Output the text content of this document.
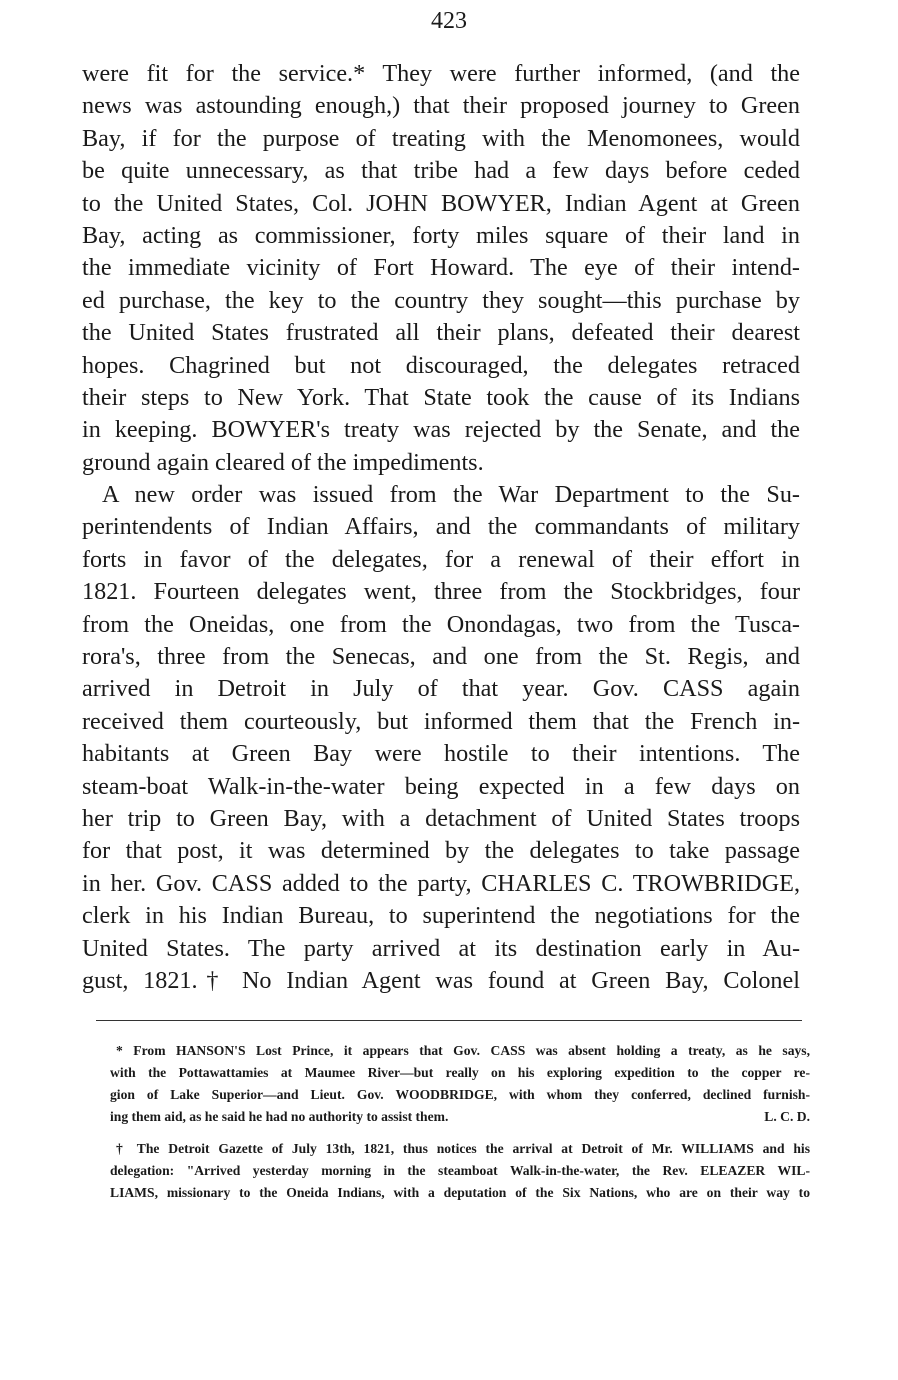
423
were fit for the service.* They were further informed, (and the
news was astounding enough,) that their proposed journey to Green
Bay, if for the purpose of treating with the Menomonees, would
be quite unnecessary, as that tribe had a few days before ceded
to the United States, Col. JOHN BOWYER, Indian Agent at Green
Bay, acting as commissioner, forty miles square of their land in
the immediate vicinity of Fort Howard. The eye of their intend-
ed purchase, the key to the country they sought—this purchase by
the United States frustrated all their plans, defeated their dearest
hopes. Chagrined but not discouraged, the delegates retraced
their steps to New York. That State took the cause of its Indians
in keeping. BOWYER's treaty was rejected by the Senate, and the
ground again cleared of the impediments.
A new order was issued from the War Department to the Su-
perintendents of Indian Affairs, and the commandants of military
forts in favor of the delegates, for a renewal of their effort in
1821. Fourteen delegates went, three from the Stockbridges, four
from the Oneidas, one from the Onondagas, two from the Tusca-
rora's, three from the Senecas, and one from the St. Regis, and
arrived in Detroit in July of that year. Gov. CASS again
received them courteously, but informed them that the French in-
habitants at Green Bay were hostile to their intentions. The
steam-boat Walk-in-the-water being expected in a few days on
her trip to Green Bay, with a detachment of United States troops
for that post, it was determined by the delegates to take passage
in her. Gov. CASS added to the party, CHARLES C. TROWBRIDGE,
clerk in his Indian Bureau, to superintend the negotiations for the
United States. The party arrived at its destination early in Au-
gust, 1821.† No Indian Agent was found at Green Bay, Colonel
* From HANSON'S Lost Prince, it appears that Gov. CASS was absent holding a treaty, as he says,
with the Pottawattamies at Maumee River—but really on his exploring expedition to the copper re-
gion of Lake Superior—and Lieut. Gov. WOODBRIDGE, with whom they conferred, declined furnish-
ing them aid, as he said he had no authority to assist them.	L. C. D.
† The Detroit Gazette of July 13th, 1821, thus notices the arrival at Detroit of Mr. WILLIAMS and his
delegation: "Arrived yesterday morning in the steamboat Walk-in-the-water, the Rev. ELEAZER WIL-
LIAMS, missionary to the Oneida Indians, with a deputation of the Six Nations, who are on their way to
